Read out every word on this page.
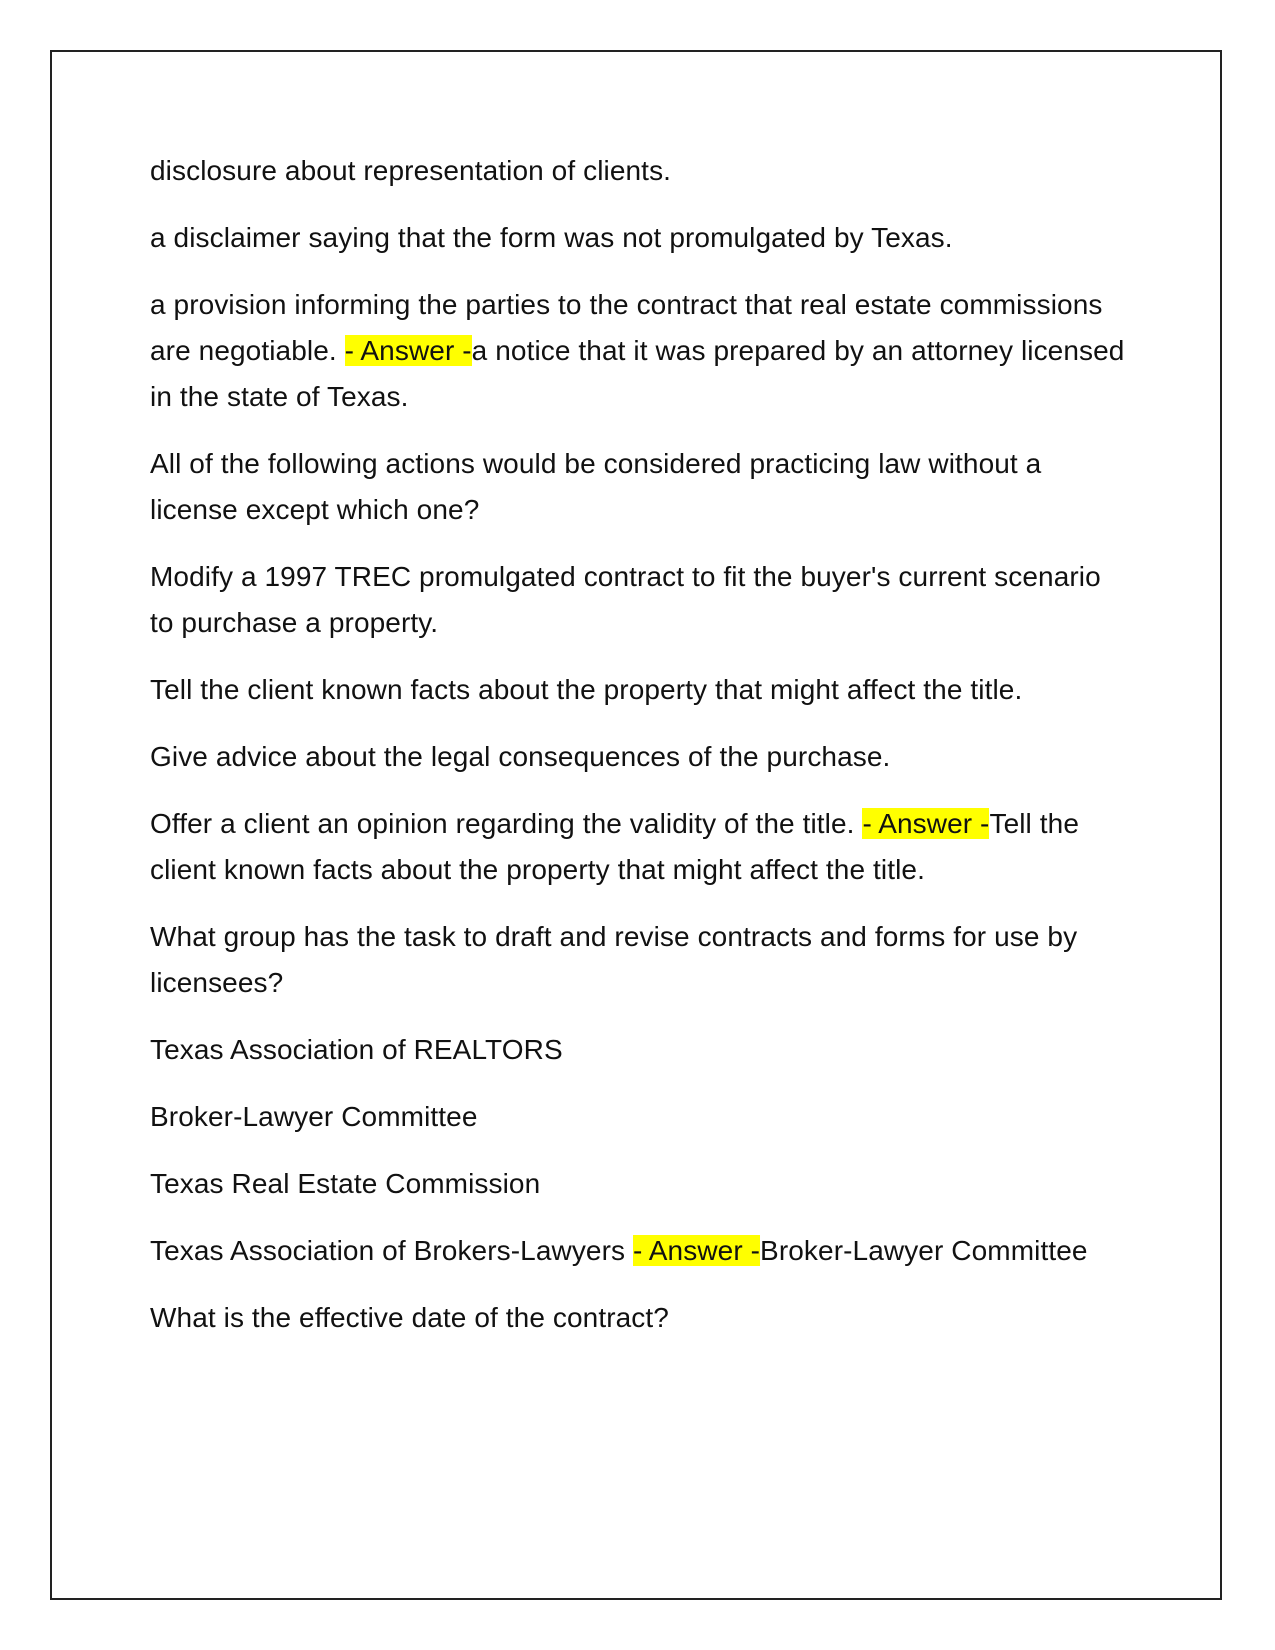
disclosure about representation of clients.

a disclaimer saying that the form was not promulgated by Texas.

a provision informing the parties to the contract that real estate commissions are negotiable. - Answer -a notice that it was prepared by an attorney licensed in the state of Texas.

All of the following actions would be considered practicing law without a license except which one?

Modify a 1997 TREC promulgated contract to fit the buyer's current scenario to purchase a property.

Tell the client known facts about the property that might affect the title.

Give advice about the legal consequences of the purchase.

Offer a client an opinion regarding the validity of the title. - Answer -Tell the client known facts about the property that might affect the title.

What group has the task to draft and revise contracts and forms for use by licensees?

Texas Association of REALTORS

Broker-Lawyer Committee

Texas Real Estate Commission

Texas Association of Brokers-Lawyers - Answer -Broker-Lawyer Committee

What is the effective date of the contract?
